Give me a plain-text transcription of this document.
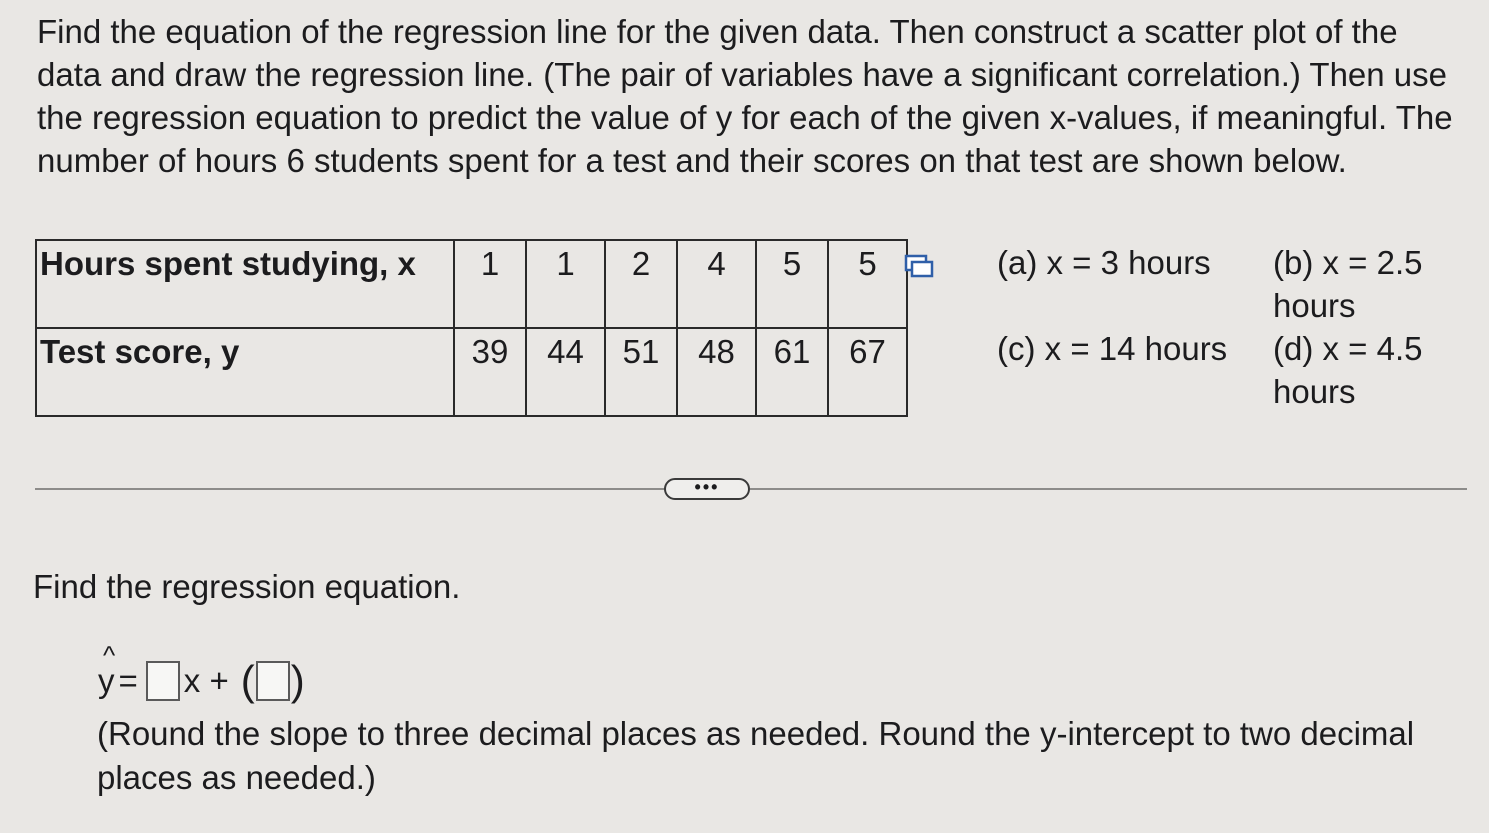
Find the equation of the regression line for the given data. Then construct a scatter plot of the data and draw the regression line. (The pair of variables have a significant correlation.) Then use the regression equation to predict the value of y for each of the given x-values, if meaningful. The number of hours 6 students spent for a test and their scores on that test are shown below.

Hours spent studying, x	1	1	2	4	5	5
Test score, y	39	44	51	48	61	67
(a) x = 3 hours (b) x = 2.5 hours
(c) x = 14 hours (d) x = 4.5 hours
•••
Find the regression equation.
^
y = x + ( )
(Round the slope to three decimal places as needed. Round the y-intercept to two decimal places as needed.)
